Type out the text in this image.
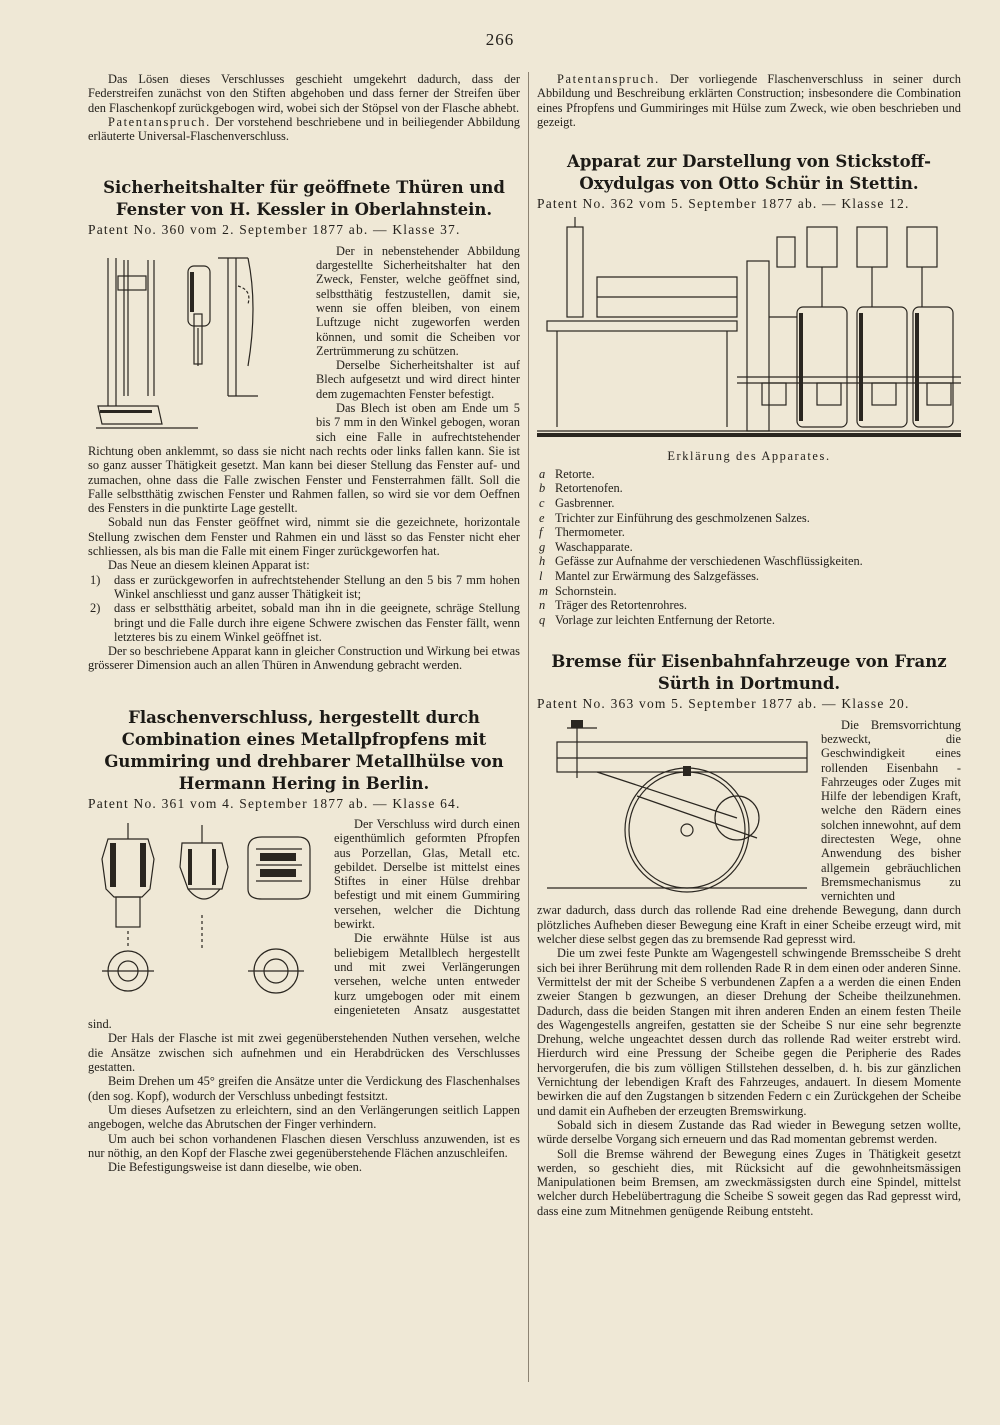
266

Das Lösen dieses Verschlusses geschieht umgekehrt dadurch, dass der Federstreifen zunächst von den Stiften abgehoben und dass ferner der Streifen über den Flaschenkopf zurückgebogen wird, wobei sich der Stöpsel von der Flasche abhebt.

Patentanspruch. Der vorstehend beschriebene und in beiliegender Abbildung erläuterte Universal-Flaschenverschluss.

Sicherheitshalter für geöffnete Thüren und Fenster von H. Kessler in Oberlahnstein.

Patent No. 360 vom 2. September 1877 ab. — Klasse 37.

Der in nebenstehender Abbildung dargestellte Sicherheitshalter hat den Zweck, Fenster, welche geöffnet sind, selbstthätig festzustellen, damit sie, wenn sie offen bleiben, von einem Luftzuge nicht zugeworfen werden können, und somit die Scheiben vor Zertrümmerung zu schützen.

Derselbe Sicherheitshalter ist auf Blech aufgesetzt und wird direct hinter dem zugemachten Fenster befestigt.

Das Blech ist oben am Ende um 5 bis 7 mm in den Winkel gebogen, woran sich eine Falle in aufrechtstehender Richtung oben anklemmt, so dass sie nicht nach rechts oder links fallen kann. Sie ist so ganz ausser Thätigkeit gesetzt. Man kann bei dieser Stellung das Fenster auf- und zumachen, ohne dass die Falle zwischen Fenster und Fensterrahmen fällt. Soll die Falle selbstthätig zwischen Fenster und Rahmen fallen, so wird sie vor dem Oeffnen des Fensters in die punktirte Lage gestellt.

Sobald nun das Fenster geöffnet wird, nimmt sie die gezeichnete, horizontale Stellung zwischen dem Fenster und Rahmen ein und lässt so das Fenster nicht eher schliessen, als bis man die Falle mit einem Finger zurückgeworfen hat.

Das Neue an diesem kleinen Apparat ist:

1) dass er zurückgeworfen in aufrechtstehender Stellung an den 5 bis 7 mm hohen Winkel anschliesst und ganz ausser Thätigkeit ist;
2) dass er selbstthätig arbeitet, sobald man ihn in die geeignete, schräge Stellung bringt und die Falle durch ihre eigene Schwere zwischen das Fenster fällt, wenn letzteres bis zu einem Winkel geöffnet ist.

Der so beschriebene Apparat kann in gleicher Construction und Wirkung bei etwas grösserer Dimension auch an allen Thüren in Anwendung gebracht werden.

Flaschenverschluss, hergestellt durch Combination eines Metallpfropfens mit Gummiring und drehbarer Metallhülse von Hermann Hering in Berlin.

Patent No. 361 vom 4. September 1877 ab. — Klasse 64.

Der Verschluss wird durch einen eigenthümlich geformten Pfropfen aus Porzellan, Glas, Metall etc. gebildet. Derselbe ist mittelst eines Stiftes in einer Hülse drehbar befestigt und mit einem Gummiring versehen, welcher die Dichtung bewirkt.

Die erwähnte Hülse ist aus beliebigem Metallblech hergestellt und mit zwei Verlängerungen versehen, welche unten entweder kurz umgebogen oder mit einem eingenieteten Ansatz ausgestattet sind.

Der Hals der Flasche ist mit zwei gegenüberstehenden Nuthen versehen, welche die Ansätze zwischen sich aufnehmen und ein Herabdrücken des Verschlusses gestatten.

Beim Drehen um 45° greifen die Ansätze unter die Verdickung des Flaschenhalses (den sog. Kopf), wodurch der Verschluss unbedingt festsitzt.

Um dieses Aufsetzen zu erleichtern, sind an den Verlängerungen seitlich Lappen angebogen, welche das Abrutschen der Finger verhindern.

Um auch bei schon vorhandenen Flaschen diesen Verschluss anzuwenden, ist es nur nöthig, an den Kopf der Flasche zwei gegenüberstehende Flächen anzuschleifen.

Die Befestigungsweise ist dann dieselbe, wie oben.

Patentanspruch. Der vorliegende Flaschenverschluss in seiner durch Abbildung und Beschreibung erklärten Construction; insbesondere die Combination eines Pfropfens und Gummiringes mit Hülse zum Zweck, wie oben beschrieben und gezeigt.

Apparat zur Darstellung von Stickstoff-Oxydulgas von Otto Schür in Stettin.

Patent No. 362 vom 5. September 1877 ab. — Klasse 12.

Erklärung des Apparates.

a Retorte.
b Retortenofen.
c Gasbrenner.
e Trichter zur Einführung des geschmolzenen Salzes.
f Thermometer.
g Waschapparate.
h Gefässe zur Aufnahme der verschiedenen Waschflüssigkeiten.
l Mantel zur Erwärmung des Salzgefässes.
m Schornstein.
n Träger des Retortenrohres.
q Vorlage zur leichten Entfernung der Retorte.
Bremse für Eisenbahnfahrzeuge von Franz Sürth in Dortmund.

Patent No. 363 vom 5. September 1877 ab. — Klasse 20.

Die Bremsvorrichtung bezweckt, die Geschwindigkeit eines rollenden Eisenbahn - Fahrzeuges oder Zuges mit Hilfe der lebendigen Kraft, welche den Rädern eines solchen innewohnt, auf dem directesten Wege, ohne Anwendung des bisher allgemein gebräuchlichen Bremsmechanismus zu vernichten und

zwar dadurch, dass durch das rollende Rad eine drehende Bewegung, dann durch plötzliches Aufheben dieser Bewegung eine Kraft in einer Scheibe erzeugt wird, mit welcher diese selbst gegen das zu bremsende Rad gepresst wird.

Die um zwei feste Punkte am Wagengestell schwingende Bremsscheibe S dreht sich bei ihrer Berührung mit dem rollenden Rade R in dem einen oder anderen Sinne. Vermittelst der mit der Scheibe S verbundenen Zapfen a a werden die einen Enden zweier Stangen b gezwungen, an dieser Drehung der Scheibe theilzunehmen. Dadurch, dass die beiden Stangen mit ihren anderen Enden an einem festen Theile des Wagengestells angreifen, gestatten sie der Scheibe S nur eine sehr begrenzte Drehung, welche ungeachtet dessen durch das rollende Rad weiter erstrebt wird. Hierdurch wird eine Pressung der Scheibe gegen die Peripherie des Rades hervorgerufen, die bis zum völligen Stillstehen desselben, d. h. bis zur gänzlichen Vernichtung der lebendigen Kraft des Fahrzeuges, andauert. In diesem Momente bewirken die auf den Zugstangen b sitzenden Federn c ein Zurückgehen der Scheibe und damit ein Aufheben der erzeugten Bremswirkung.

Sobald sich in diesem Zustande das Rad wieder in Bewegung setzen wollte, würde derselbe Vorgang sich erneuern und das Rad momentan gebremst werden.

Soll die Bremse während der Bewegung eines Zuges in Thätigkeit gesetzt werden, so geschieht dies, mit Rücksicht auf die gewohnheitsmässigen Manipulationen beim Bremsen, am zweckmässigsten durch eine Spindel, mittelst welcher durch Hebelübertragung die Scheibe S soweit gegen das Rad gepresst wird, dass eine zum Mitnehmen genügende Reibung entsteht.
